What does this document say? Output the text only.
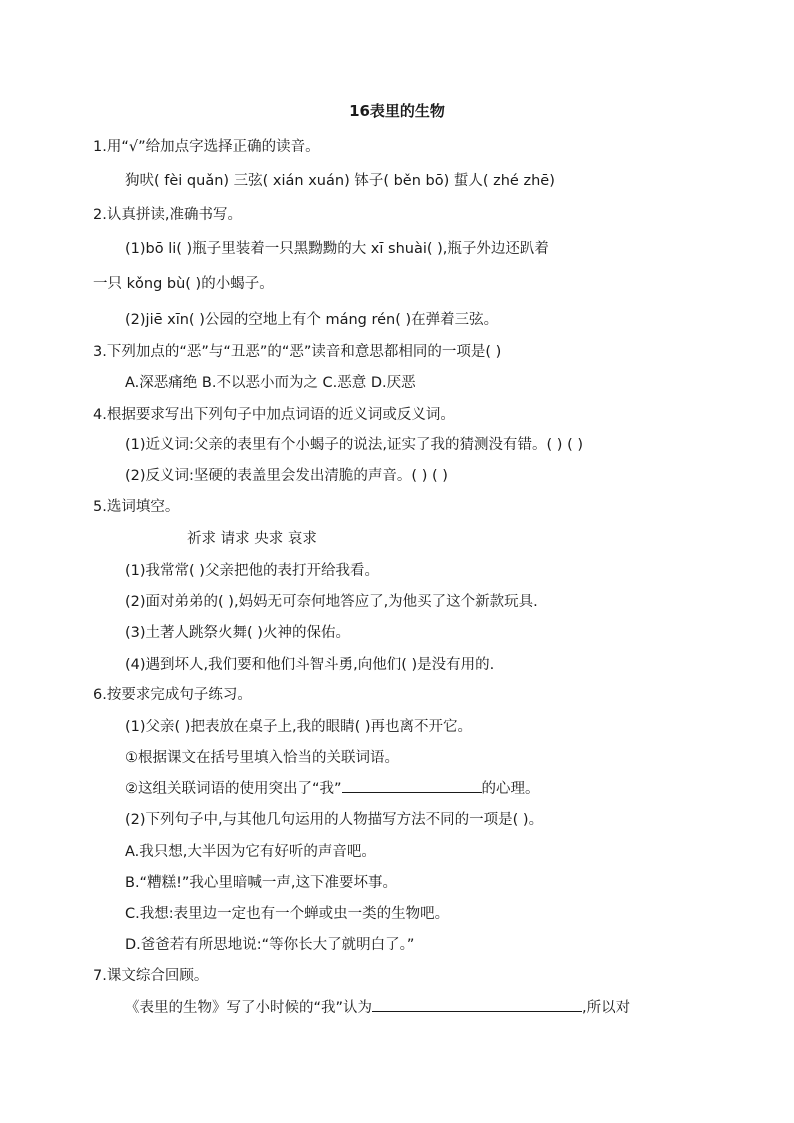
16表里的生物
1.用“√”给加点字选择正确的读音。
狗吠( fèi quǎn) 三弦( xián xuán) 钵子( běn bō) 蜇人( zhé zhē)
2.认真拼读,准确书写。
(1)bō li( )瓶子里装着一只黑黝黝的大 xī shuài( ),瓶子外边还趴着
一只 kǒng bù( )的小蝎子。
(2)jiē xīn( )公园的空地上有个 máng rén( )在弹着三弦。
3.下列加点的“恶”与“丑恶”的“恶”读音和意思都相同的一项是( )
A.深恶痛绝 B.不以恶小而为之 C.恶意 D.厌恶
4.根据要求写出下列句子中加点词语的近义词或反义词。
(1)近义词:父亲的表里有个小蝎子的说法,证实了我的猜测没有错。( ) ( )
(2)反义词:坚硬的表盖里会发出清脆的声音。( ) ( )
5.选词填空。
祈求 请求 央求 哀求
(1)我常常( )父亲把他的表打开给我看。
(2)面对弟弟的( ),妈妈无可奈何地答应了,为他买了这个新款玩具.
(3)土著人跳祭火舞( )火神的保佑。
(4)遇到坏人,我们要和他们斗智斗勇,向他们( )是没有用的.
6.按要求完成句子练习。
(1)父亲( )把表放在桌子上,我的眼睛( )再也离不开它。
①根据课文在括号里填入恰当的关联词语。
②这组关联词语的使用突出了“我”	的心理。
(2)下列句子中,与其他几句运用的人物描写方法不同的一项是( )。
A.我只想,大半因为它有好听的声音吧。
B.“糟糕!”我心里暗喊一声,这下准要坏事。
C.我想:表里边一定也有一个蝉或虫一类的生物吧。
D.爸爸若有所思地说:“等你长大了就明白了。”
7.课文综合回顾。
《表里的生物》写了小时候的“我”认为	,所以对
